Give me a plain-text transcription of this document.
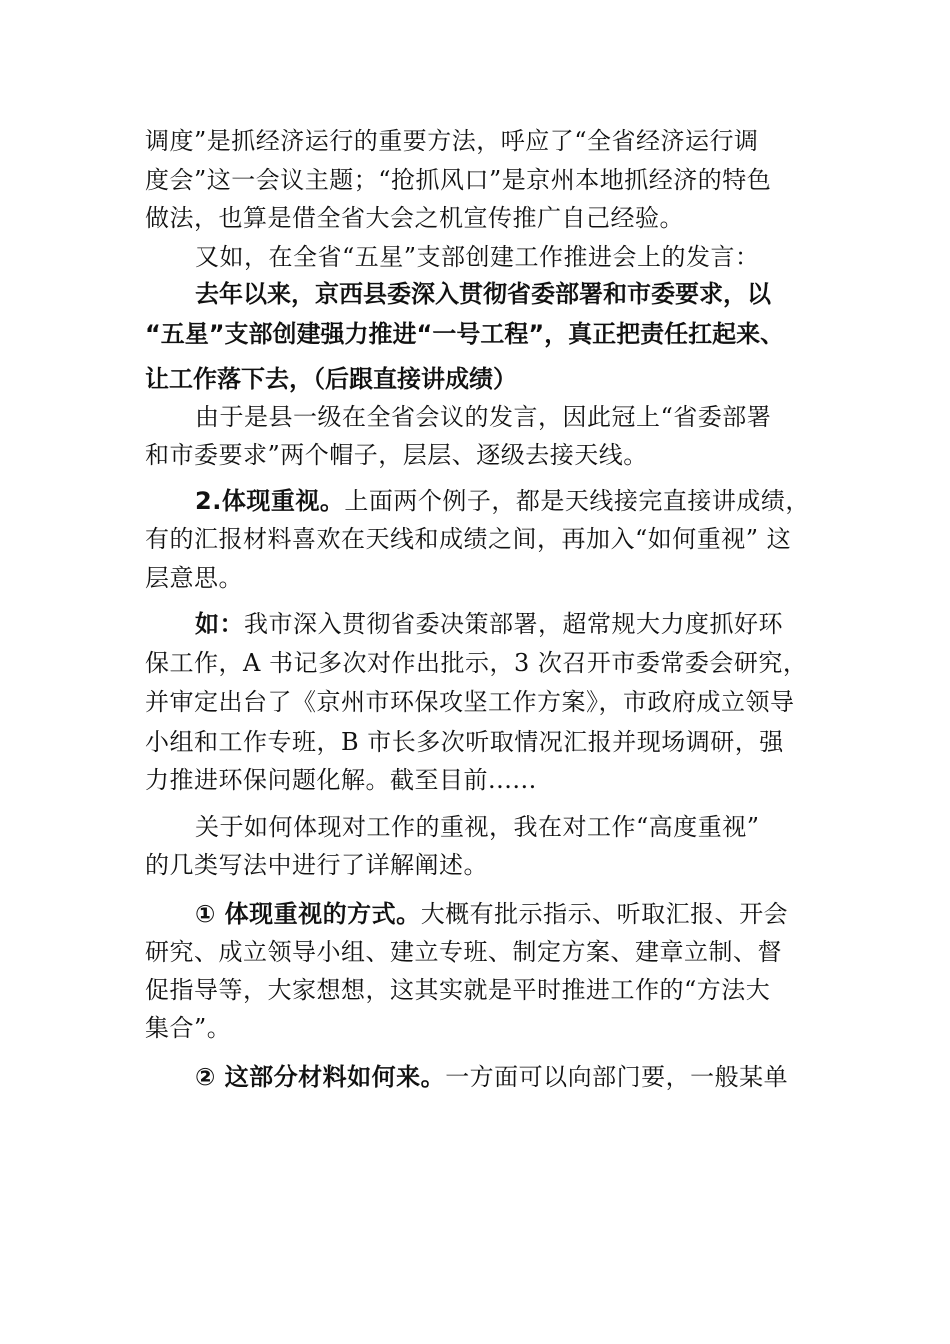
调度”是抓经济运行的重要方法，呼应了“全省经济运行调
度会”这一会议主题；“抢抓风口”是京州本地抓经济的特色
做法，也算是借全省大会之机宣传推广自己经验。
又如，在全省“五星”支部创建工作推进会上的发言：
去年以来，京西县委深入贯彻省委部署和市委要求，以
“五星”支部创建强力推进“一号工程”，真正把责任扛起来、
让工作落下去，（后跟直接讲成绩）
由于是县一级在全省会议的发言，因此冠上“省委部署
和市委要求”两个帽子，层层、逐级去接天线。
2.体现重视。上面两个例子，都是天线接完直接讲成绩，
有的汇报材料喜欢在天线和成绩之间，再加入“如何重视” 这
层意思。
如：我市深入贯彻省委决策部署，超常规大力度抓好环
保工作，A 书记多次对作出批示，3 次召开市委常委会研究，
并审定出台了《京州市环保攻坚工作方案》，市政府成立领导
小组和工作专班，B 市长多次听取情况汇报并现场调研，强
力推进环保问题化解。截至目前......
关于如何体现对工作的重视，我在对工作“高度重视”
的几类写法中进行了详解阐述。
① 体现重视的方式。大概有批示指示、听取汇报、开会
研究、成立领导小组、建立专班、制定方案、建章立制、督
促指导等，大家想想，这其实就是平时推进工作的“方法大
集合”。
② 这部分材料如何来。一方面可以向部门要，一般某单
